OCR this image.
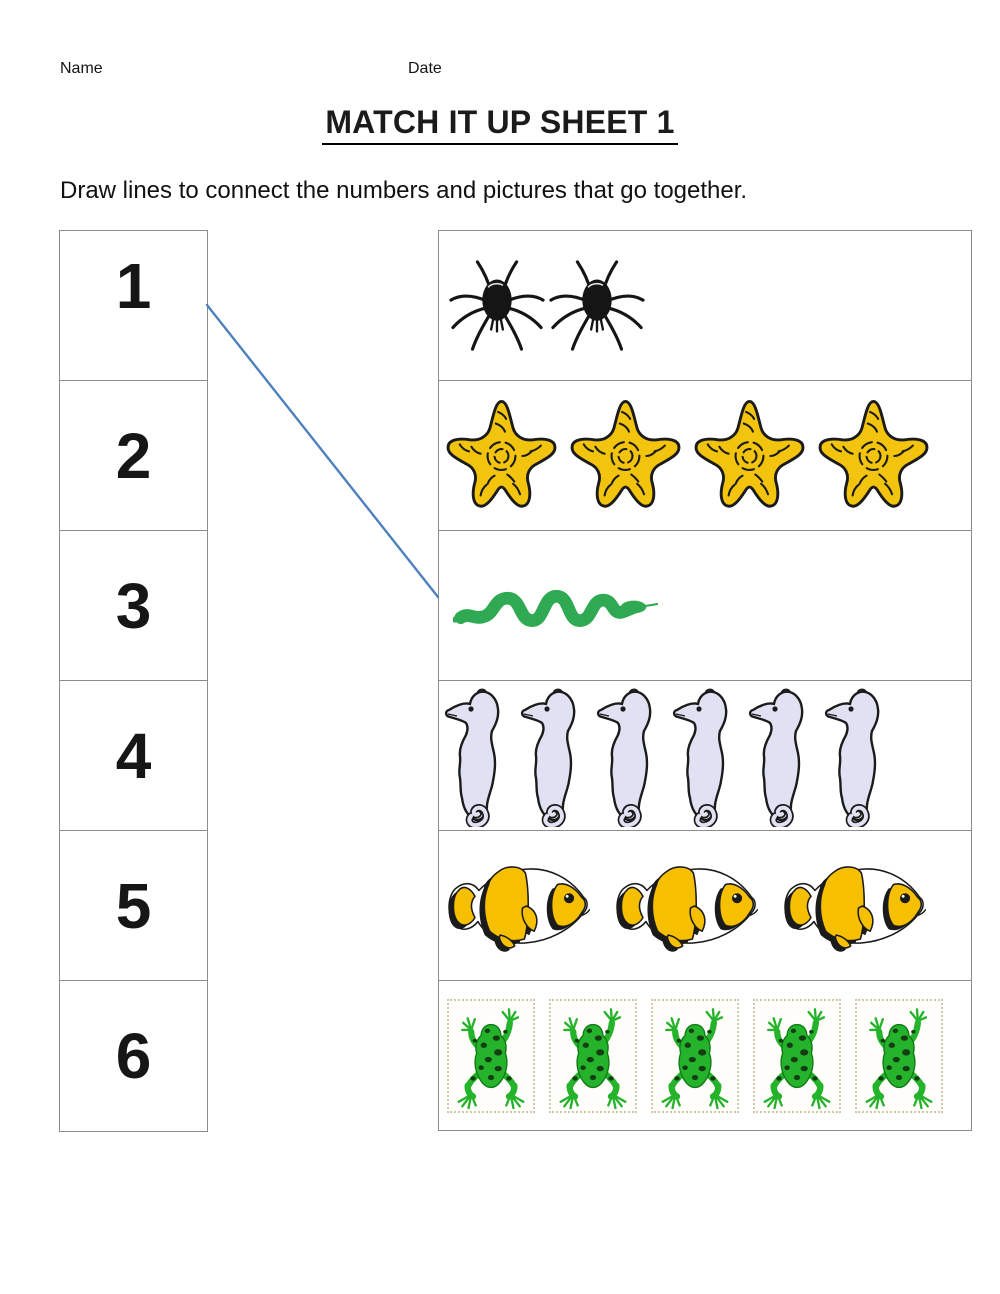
Name	Date
MATCH IT UP SHEET 1
Draw lines to connect the numbers and pictures that go together.
1
2
3
4
5
6
